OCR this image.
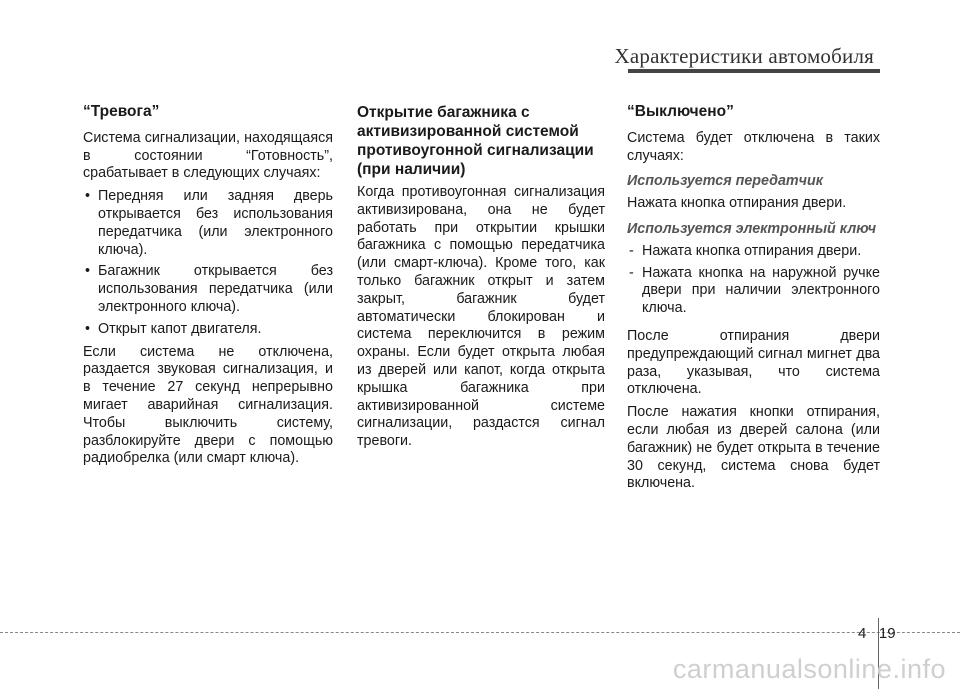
Характеристики автомобиля
“Тревога”

Система сигнализации, находящаяся в состоянии “Готовность”, срабатывает в следующих случаях:

• Передняя или задняя дверь открывается без использования передатчика (или электронного ключа).
• Багажник открывается без использования передатчика (или электронного ключа).
• Открыт капот двигателя.

Если система не отключена, раздается звуковая сигнализация, и в течение 27 секунд непрерывно мигает аварийная сигнализация. Чтобы выключить систему, разблокируйте двери с помощью радиобрелка (или смарт ключа).

Открытие багажника с активизированной системой противоугонной сигнализации (при наличии)

Когда противоугонная сигнализация активизирована, она не будет работать при открытии крышки багажника с помощью передатчика (или смарт-ключа). Кроме того, как только багажник открыт и затем закрыт, багажник будет автоматически блокирован и система переключится в режим охраны. Если будет открыта любая из дверей или капот, когда открыта крышка багажника при активизированной системе сигнализации, раздастся сигнал тревоги.

“Выключено”

Система будет отключена в таких случаях:

Используется передатчик

Нажата кнопка отпирания двери.

Используется электронный ключ
- Нажата кнопка отпирания двери.
- Нажата кнопка на наружной ручке двери при наличии электронного ключа.

После отпирания двери предупреждающий сигнал мигнет два раза, указывая, что система отключена.

После нажатия кнопки отпирания, если любая из дверей салона (или багажник) не будет открыта в течение 30 секунд, система снова будет включена.

4 19
carmanualsonline.info
